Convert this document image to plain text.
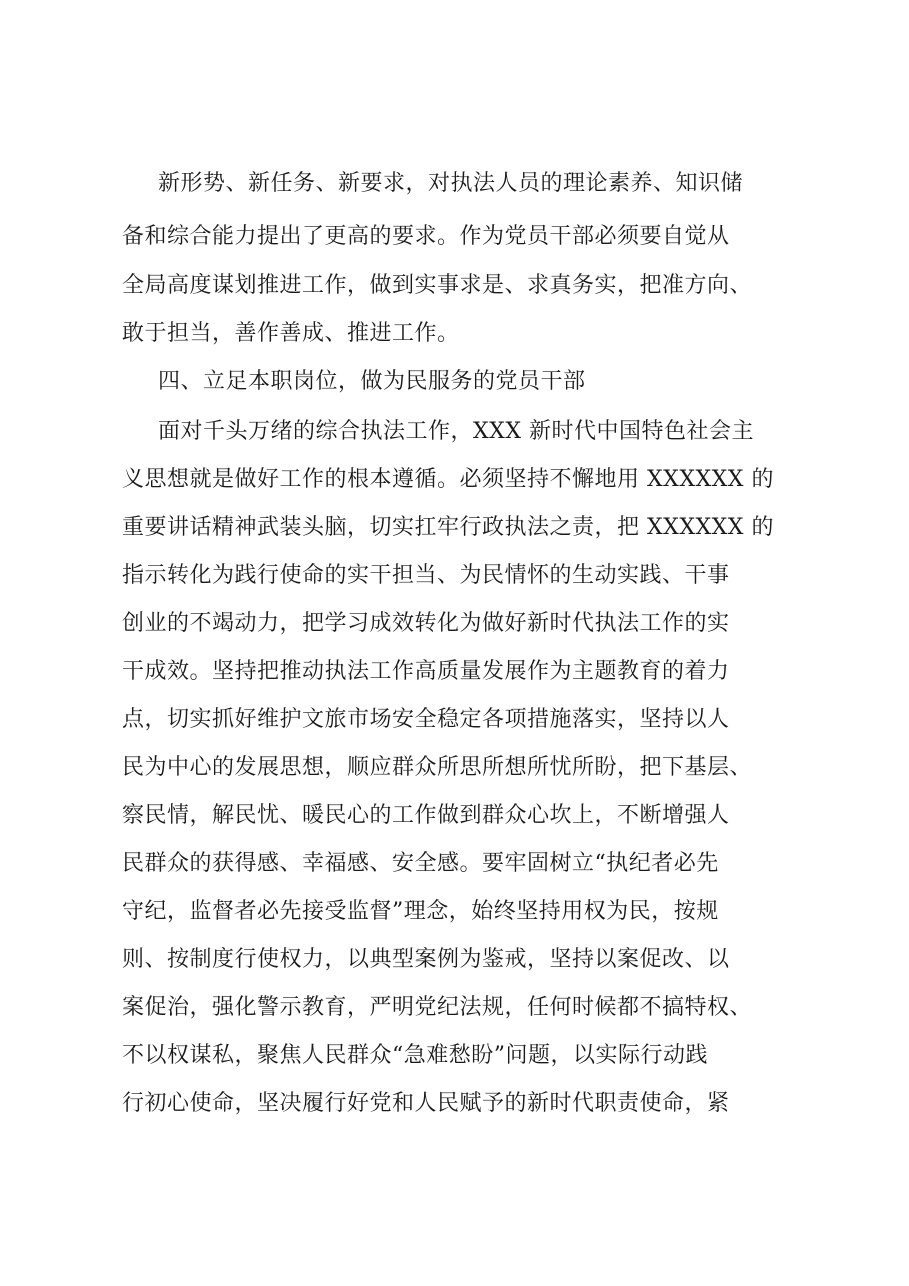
新形势、新任务、新要求，对执法人员的理论素养、知识储
备和综合能力提出了更高的要求。作为党员干部必须要自觉从
全局高度谋划推进工作，做到实事求是、求真务实，把准方向、
敢于担当，善作善成、推进工作。
四、立足本职岗位，做为民服务的党员干部
面对千头万绪的综合执法工作，XXX 新时代中国特色社会主
义思想就是做好工作的根本遵循。必须坚持不懈地用 XXXXXX 的
重要讲话精神武装头脑，切实扛牢行政执法之责，把 XXXXXX 的
指示转化为践行使命的实干担当、为民情怀的生动实践、干事
创业的不竭动力，把学习成效转化为做好新时代执法工作的实
干成效。坚持把推动执法工作高质量发展作为主题教育的着力
点，切实抓好维护文旅市场安全稳定各项措施落实，坚持以人
民为中心的发展思想，顺应群众所思所想所忧所盼，把下基层、
察民情，解民忧、暖民心的工作做到群众心坎上，不断增强人
民群众的获得感、幸福感、安全感。要牢固树立“执纪者必先
守纪，监督者必先接受监督”理念，始终坚持用权为民，按规
则、按制度行使权力，以典型案例为鉴戒，坚持以案促改、以
案促治，强化警示教育，严明党纪法规，任何时候都不搞特权、
不以权谋私，聚焦人民群众“急难愁盼”问题，以实际行动践
行初心使命，坚决履行好党和人民赋予的新时代职责使命，紧
